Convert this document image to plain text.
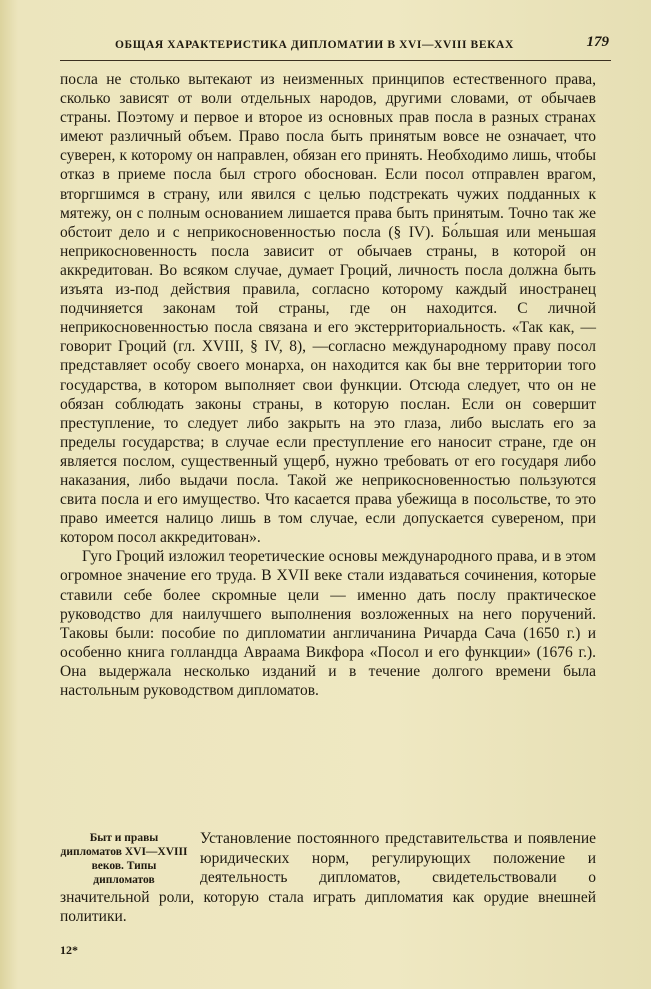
ОБЩАЯ ХАРАКТЕРИСТИКА ДИПЛОМАТИИ В XVI—XVIII ВЕКАХ	179

посла не столько вытекают из неизменных принципов естественного права, сколько зависят от воли отдельных народов, другими словами, от обычаев страны. Поэтому и первое и второе из основных прав посла в разных странах имеют различный объем. Право посла быть принятым вовсе не означает, что суверен, к которому он направлен, обязан его принять. Необходимо лишь, чтобы отказ в приеме посла был строго обоснован. Если посол отправлен врагом, вторгшимся в страну, или явился с целью подстрекать чужих подданных к мятежу, он с полным основанием лишается права быть принятым. Точно так же обстоит дело и с неприкосновенностью посла (§ IV). Бо́льшая или меньшая неприкосновенность посла зависит от обычаев страны, в которой он аккредитован. Во всяком случае, думает Гроций, личность посла должна быть изъята из-под действия правила, согласно которому каждый иностранец подчиняется законам той страны, где он находится. С личной неприкосновенностью посла связана и его экстерриториальность. «Так как, —говорит Гроций (гл. XVIII, § IV, 8), —согласно международному праву посол представляет особу своего монарха, он находится как бы вне территории того государства, в котором выполняет свои функции. Отсюда следует, что он не обязан соблюдать законы страны, в которую послан. Если он совершит преступление, то следует либо закрыть на это глаза, либо выслать его за пределы государства; в случае если преступление его наносит стране, где он является послом, существенный ущерб, нужно требовать от его государя либо наказания, либо выдачи посла. Такой же неприкосновенностью пользуются свита посла и его имущество. Что касается права убежища в посольстве, то это право имеется налицо лишь в том случае, если допускается сувереном, при котором посол аккредитован».

Гуго Гроций изложил теоретические основы международного права, и в этом огромное значение его труда. В XVII веке стали издаваться сочинения, которые ставили себе более скромные цели — именно дать послу практическое руководство для наилучшего выполнения возложенных на него поручений. Таковы были: пособие по дипломатии англичанина Ричарда Сача (1650 г.) и особенно книга голландца Авраама Викфора «Посол и его функции» (1676 г.). Она выдержала несколько изданий и в течение долгого времени была настольным руководством дипломатов.

Быт и правы дипломатов XVI—XVIII веков. Типы дипломатов
Установление постоянного представительства и появление юридических норм, регулирующих положение и деятельность дипломатов, свидетельствовали о значительной роли, которую стала играть дипломатия как орудие внешней политики.
12*
